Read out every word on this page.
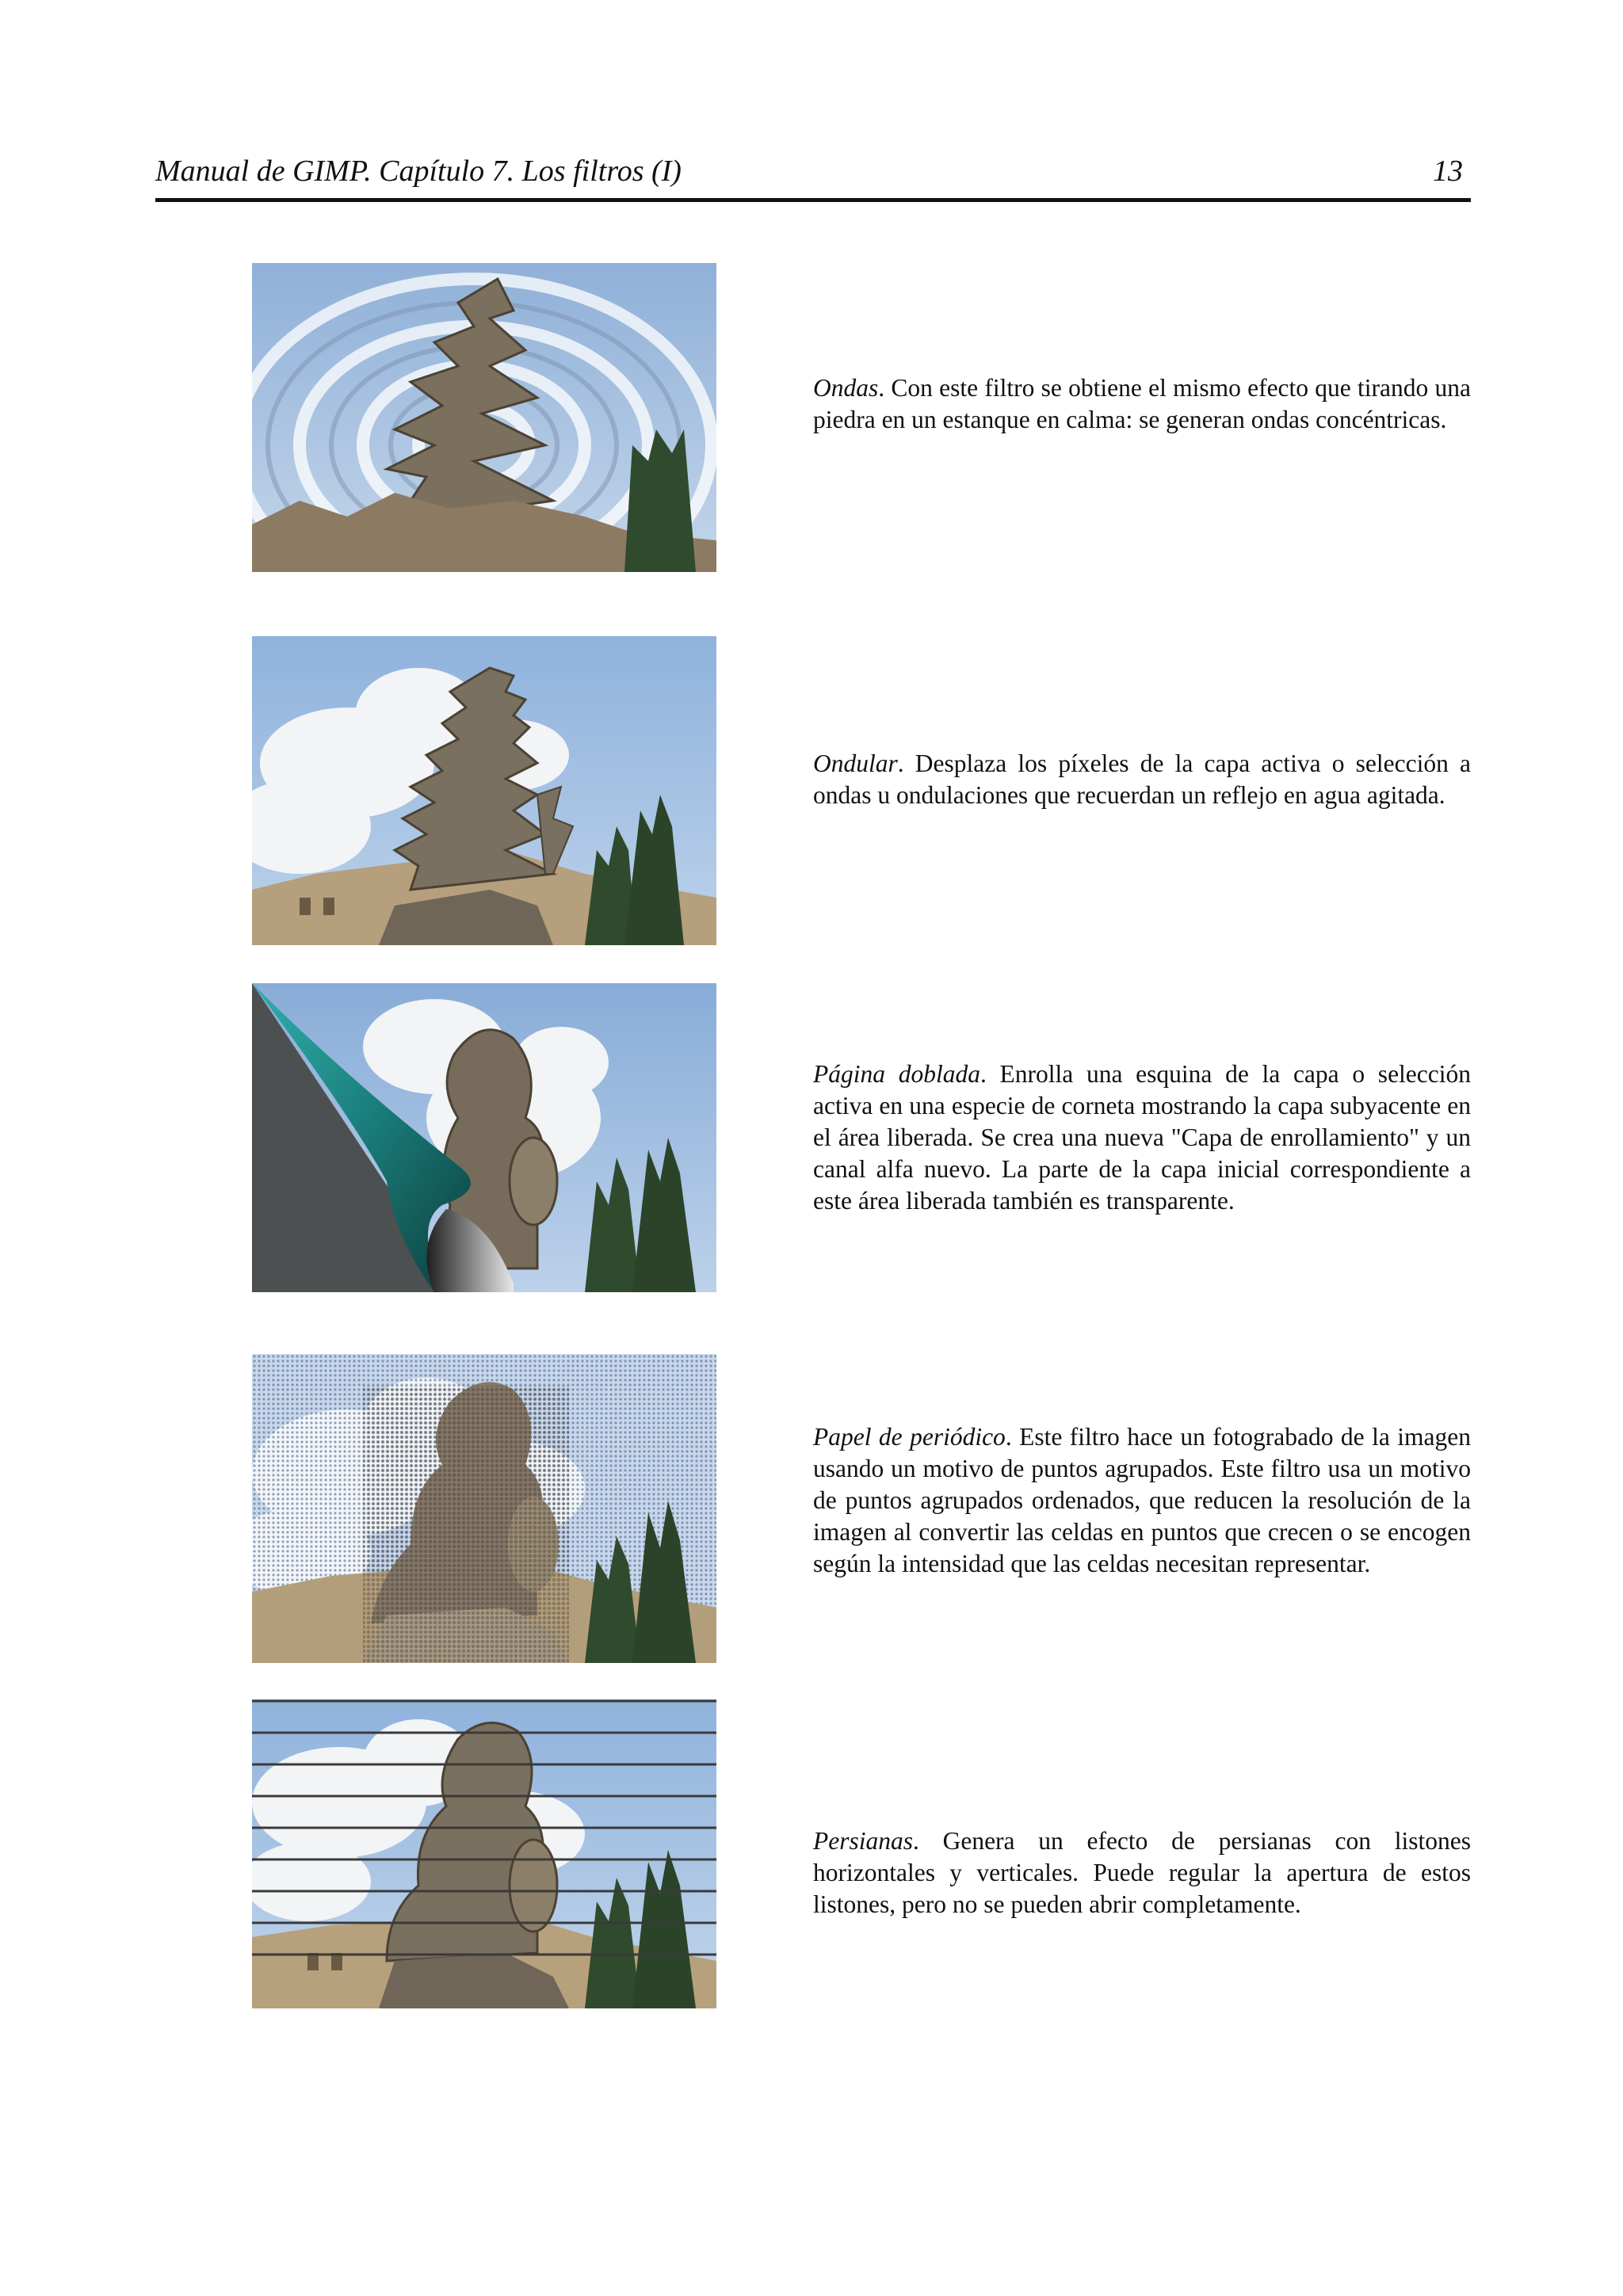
Manual de GIMP. Capítulo 7. Los filtros (I)	13

Ondas. Con este filtro se obtiene el mismo efecto que tirando una piedra en un estanque en calma: se generan ondas concéntricas.

Ondular. Desplaza los píxeles de la capa activa o selección a ondas u ondulaciones que recuerdan un reflejo en agua agitada.

Página doblada. Enrolla una esquina de la capa o selección activa en una especie de corneta mostrando la capa subyacente en el área liberada. Se crea una nueva "Capa de enrollamiento" y un canal alfa nuevo. La parte de la capa inicial correspondiente a este área liberada también es transparente.

Papel de periódico. Este filtro hace un fotograbado de la imagen usando un motivo de puntos agrupados. Este filtro usa un motivo de puntos agrupados ordenados, que reducen la resolución de la imagen al convertir las celdas en puntos que crecen o se encogen según la intensidad que las celdas necesitan representar.

Persianas. Genera un efecto de persianas con listones horizontales y verticales. Puede regular la apertura de estos listones, pero no se pueden abrir completamente.
